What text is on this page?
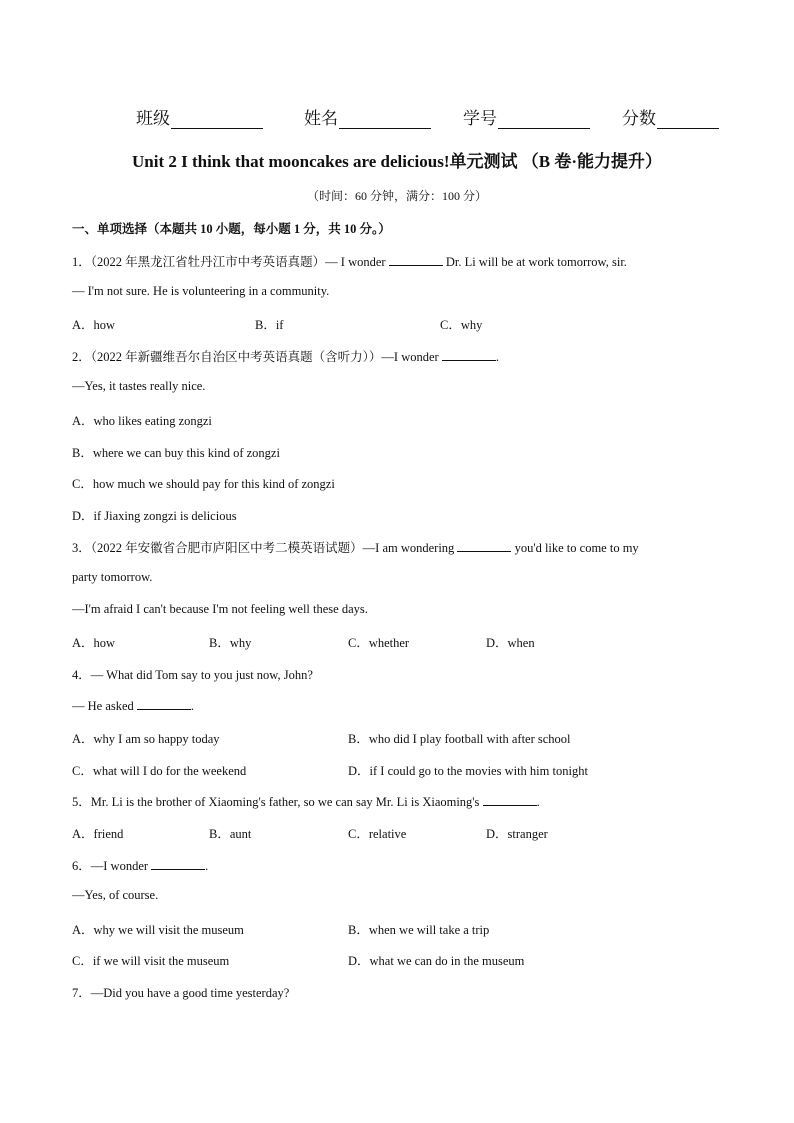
班级	姓名	学号	分数
Unit 2 I think that mooncakes are delicious!单元测试 （B 卷·能力提升）
（时间：60 分钟，满分：100 分）
一、单项选择（本题共 10 小题，每小题 1 分，共 10 分。）
1．（2022 年黑龙江省牡丹江市中考英语真题）— I wonder	Dr. Li will be at work tomorrow, sir.
— I'm not sure. He is volunteering in a community.
A．how	B．if	C．why
2．（2022 年新疆维吾尔自治区中考英语真题（含听力））—I wonder	.
—Yes, it tastes really nice.
A．who likes eating zongzi
B．where we can buy this kind of zongzi
C．how much we should pay for this kind of zongzi
D．if Jiaxing zongzi is delicious
3．（2022 年安徽省合肥市庐阳区中考二模英语试题）—I am wondering	you'd like to come to my
party tomorrow.
—I'm afraid I can't because I'm not feeling well these days.
A．how	B．why	C．whether	D．when
4．— What did Tom say to you just now, John?
— He asked	.
A．why I am so happy today	B．who did I play football with after school
C．what will I do for the weekend	D．if I could go to the movies with him tonight
5．Mr. Li is the brother of Xiaoming's father, so we can say Mr. Li is Xiaoming's	.
A．friend	B．aunt	C．relative	D．stranger
6．—I wonder	.
—Yes, of course.
A．why we will visit the museum	B．when we will take a trip
C．if we will visit the museum	D．what we can do in the museum
7．—Did you have a good time yesterday?
